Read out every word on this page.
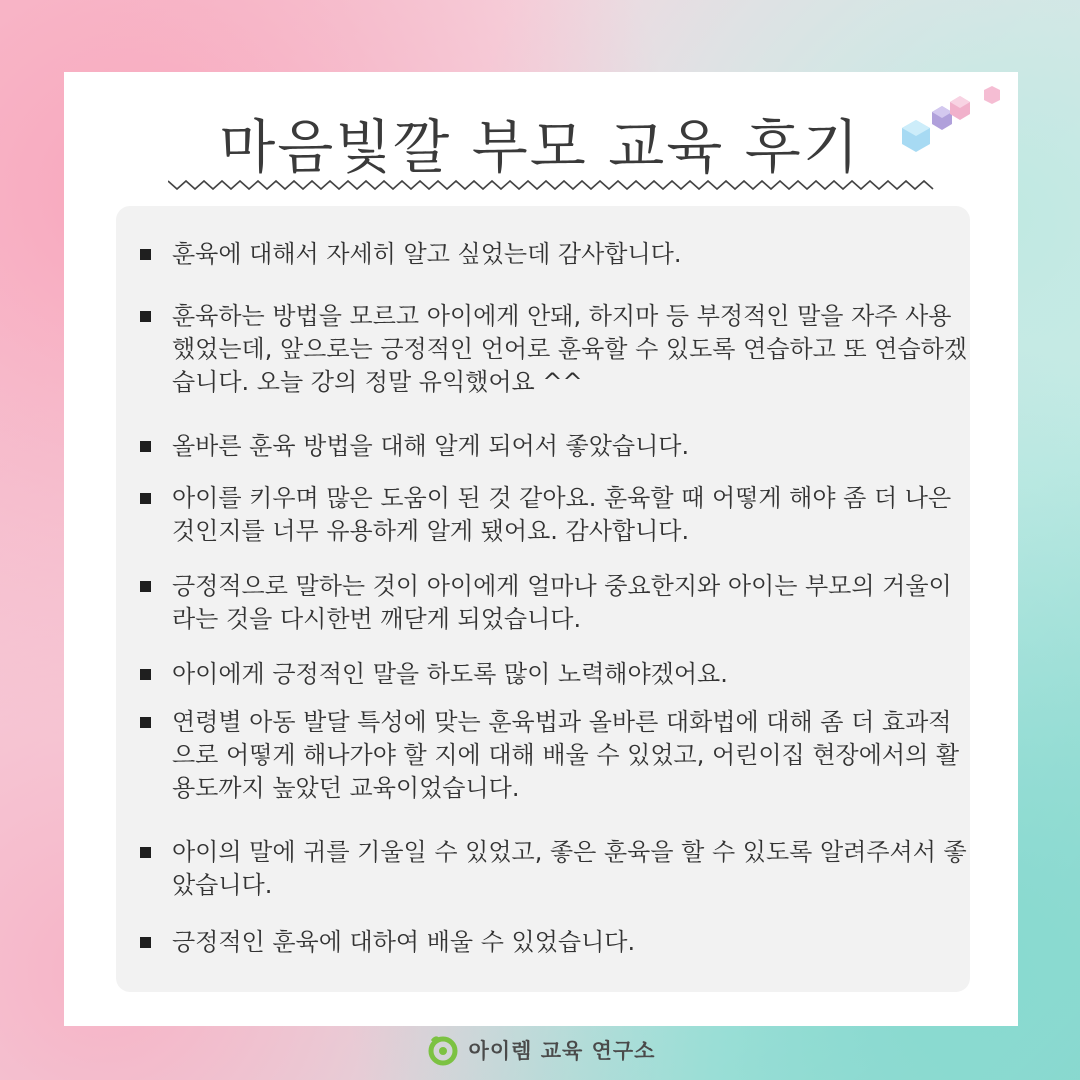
마음빛깔 부모 교육 후기
훈육에 대해서 자세히 알고 싶었는데 감사합니다.
훈육하는 방법을 모르고 아이에게 안돼, 하지마 등 부정적인 말을 자주 사용했었는데, 앞으로는 긍정적인 언어로 훈육할 수 있도록 연습하고 또 연습하겠습니다. 오늘 강의 정말 유익했어요 ^^
올바른 훈육 방법을 대해 알게 되어서 좋았습니다.
아이를 키우며 많은 도움이 된 것 같아요. 훈육할 때 어떻게 해야 좀 더 나은것인지를 너무 유용하게 알게 됐어요. 감사합니다.
긍정적으로 말하는 것이 아이에게 얼마나 중요한지와 아이는 부모의 거울이라는 것을 다시한번 깨닫게 되었습니다.
아이에게 긍정적인 말을 하도록 많이 노력해야겠어요.
연령별 아동 발달 특성에 맞는 훈육법과 올바른 대화법에 대해 좀 더 효과적으로 어떻게 해나가야 할 지에 대해 배울 수 있었고, 어린이집 현장에서의 활용도까지 높았던 교육이었습니다.
아이의 말에 귀를 기울일 수 있었고, 좋은 훈육을 할 수 있도록 알려주셔서 좋았습니다.
긍정적인 훈육에 대하여 배울 수 있었습니다.
아이렘 교육 연구소
